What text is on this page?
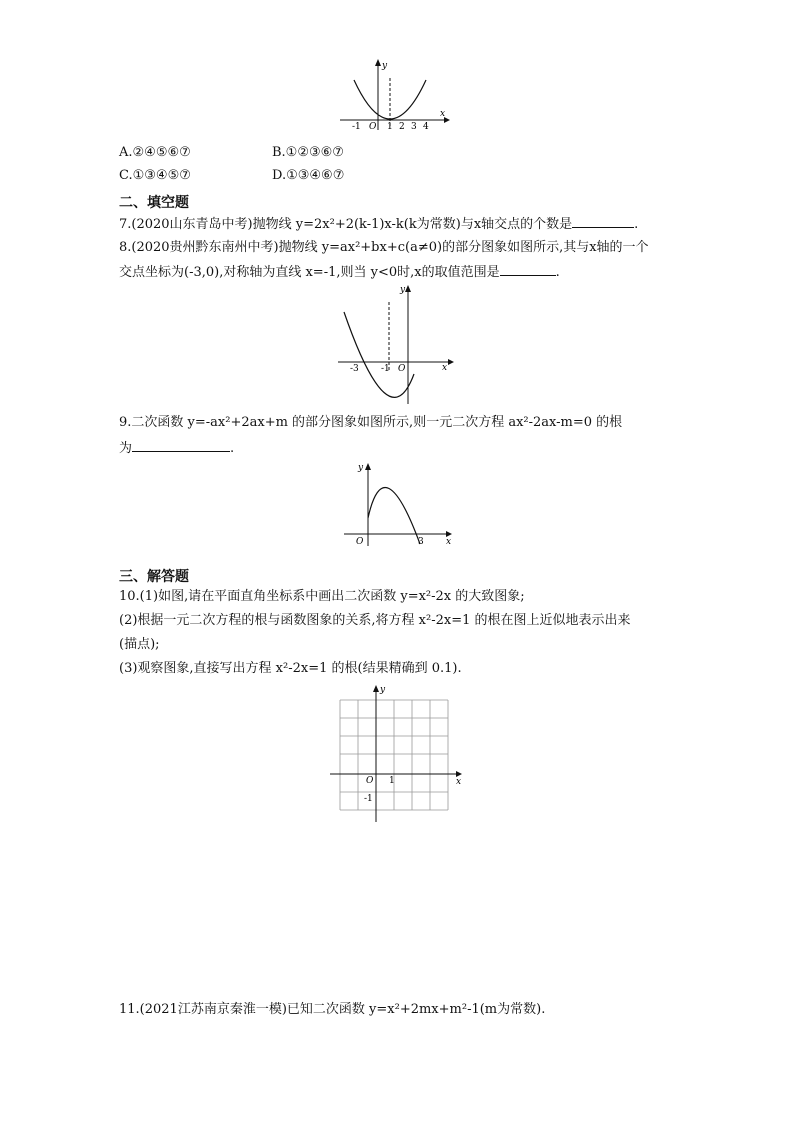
y
x
O
-1	1 2 3 4
A.②④⑤⑥⑦	B.①②③⑥⑦
C.①③④⑤⑦	D.①③④⑥⑦
二、填空题
7.(2020山东青岛中考)抛物线 y=2x²+2(k-1)x-k(k为常数)与x轴交点的个数是	.
8.(2020贵州黔东南州中考)抛物线 y=ax²+bx+c(a≠0)的部分图象如图所示,其与x轴的一个
交点坐标为(-3,0),对称轴为直线 x=-1,则当 y<0时,x的取值范围是	.
y
x
O
-3 -1
9.二次函数 y=-ax²+2ax+m 的部分图象如图所示,则一元二次方程 ax²-2ax-m=0 的根
为	.
y
x
O	3
三、解答题
10.(1)如图,请在平面直角坐标系中画出二次函数 y=x²-2x 的大致图象;
(2)根据一元二次方程的根与函数图象的关系,将方程 x²-2x=1 的根在图上近似地表示出来
(描点);
(3)观察图象,直接写出方程 x²-2x=1 的根(结果精确到 0.1).
y
x
O 1
-1
11.(2021江苏南京秦淮一模)已知二次函数 y=x²+2mx+m²-1(m为常数).
